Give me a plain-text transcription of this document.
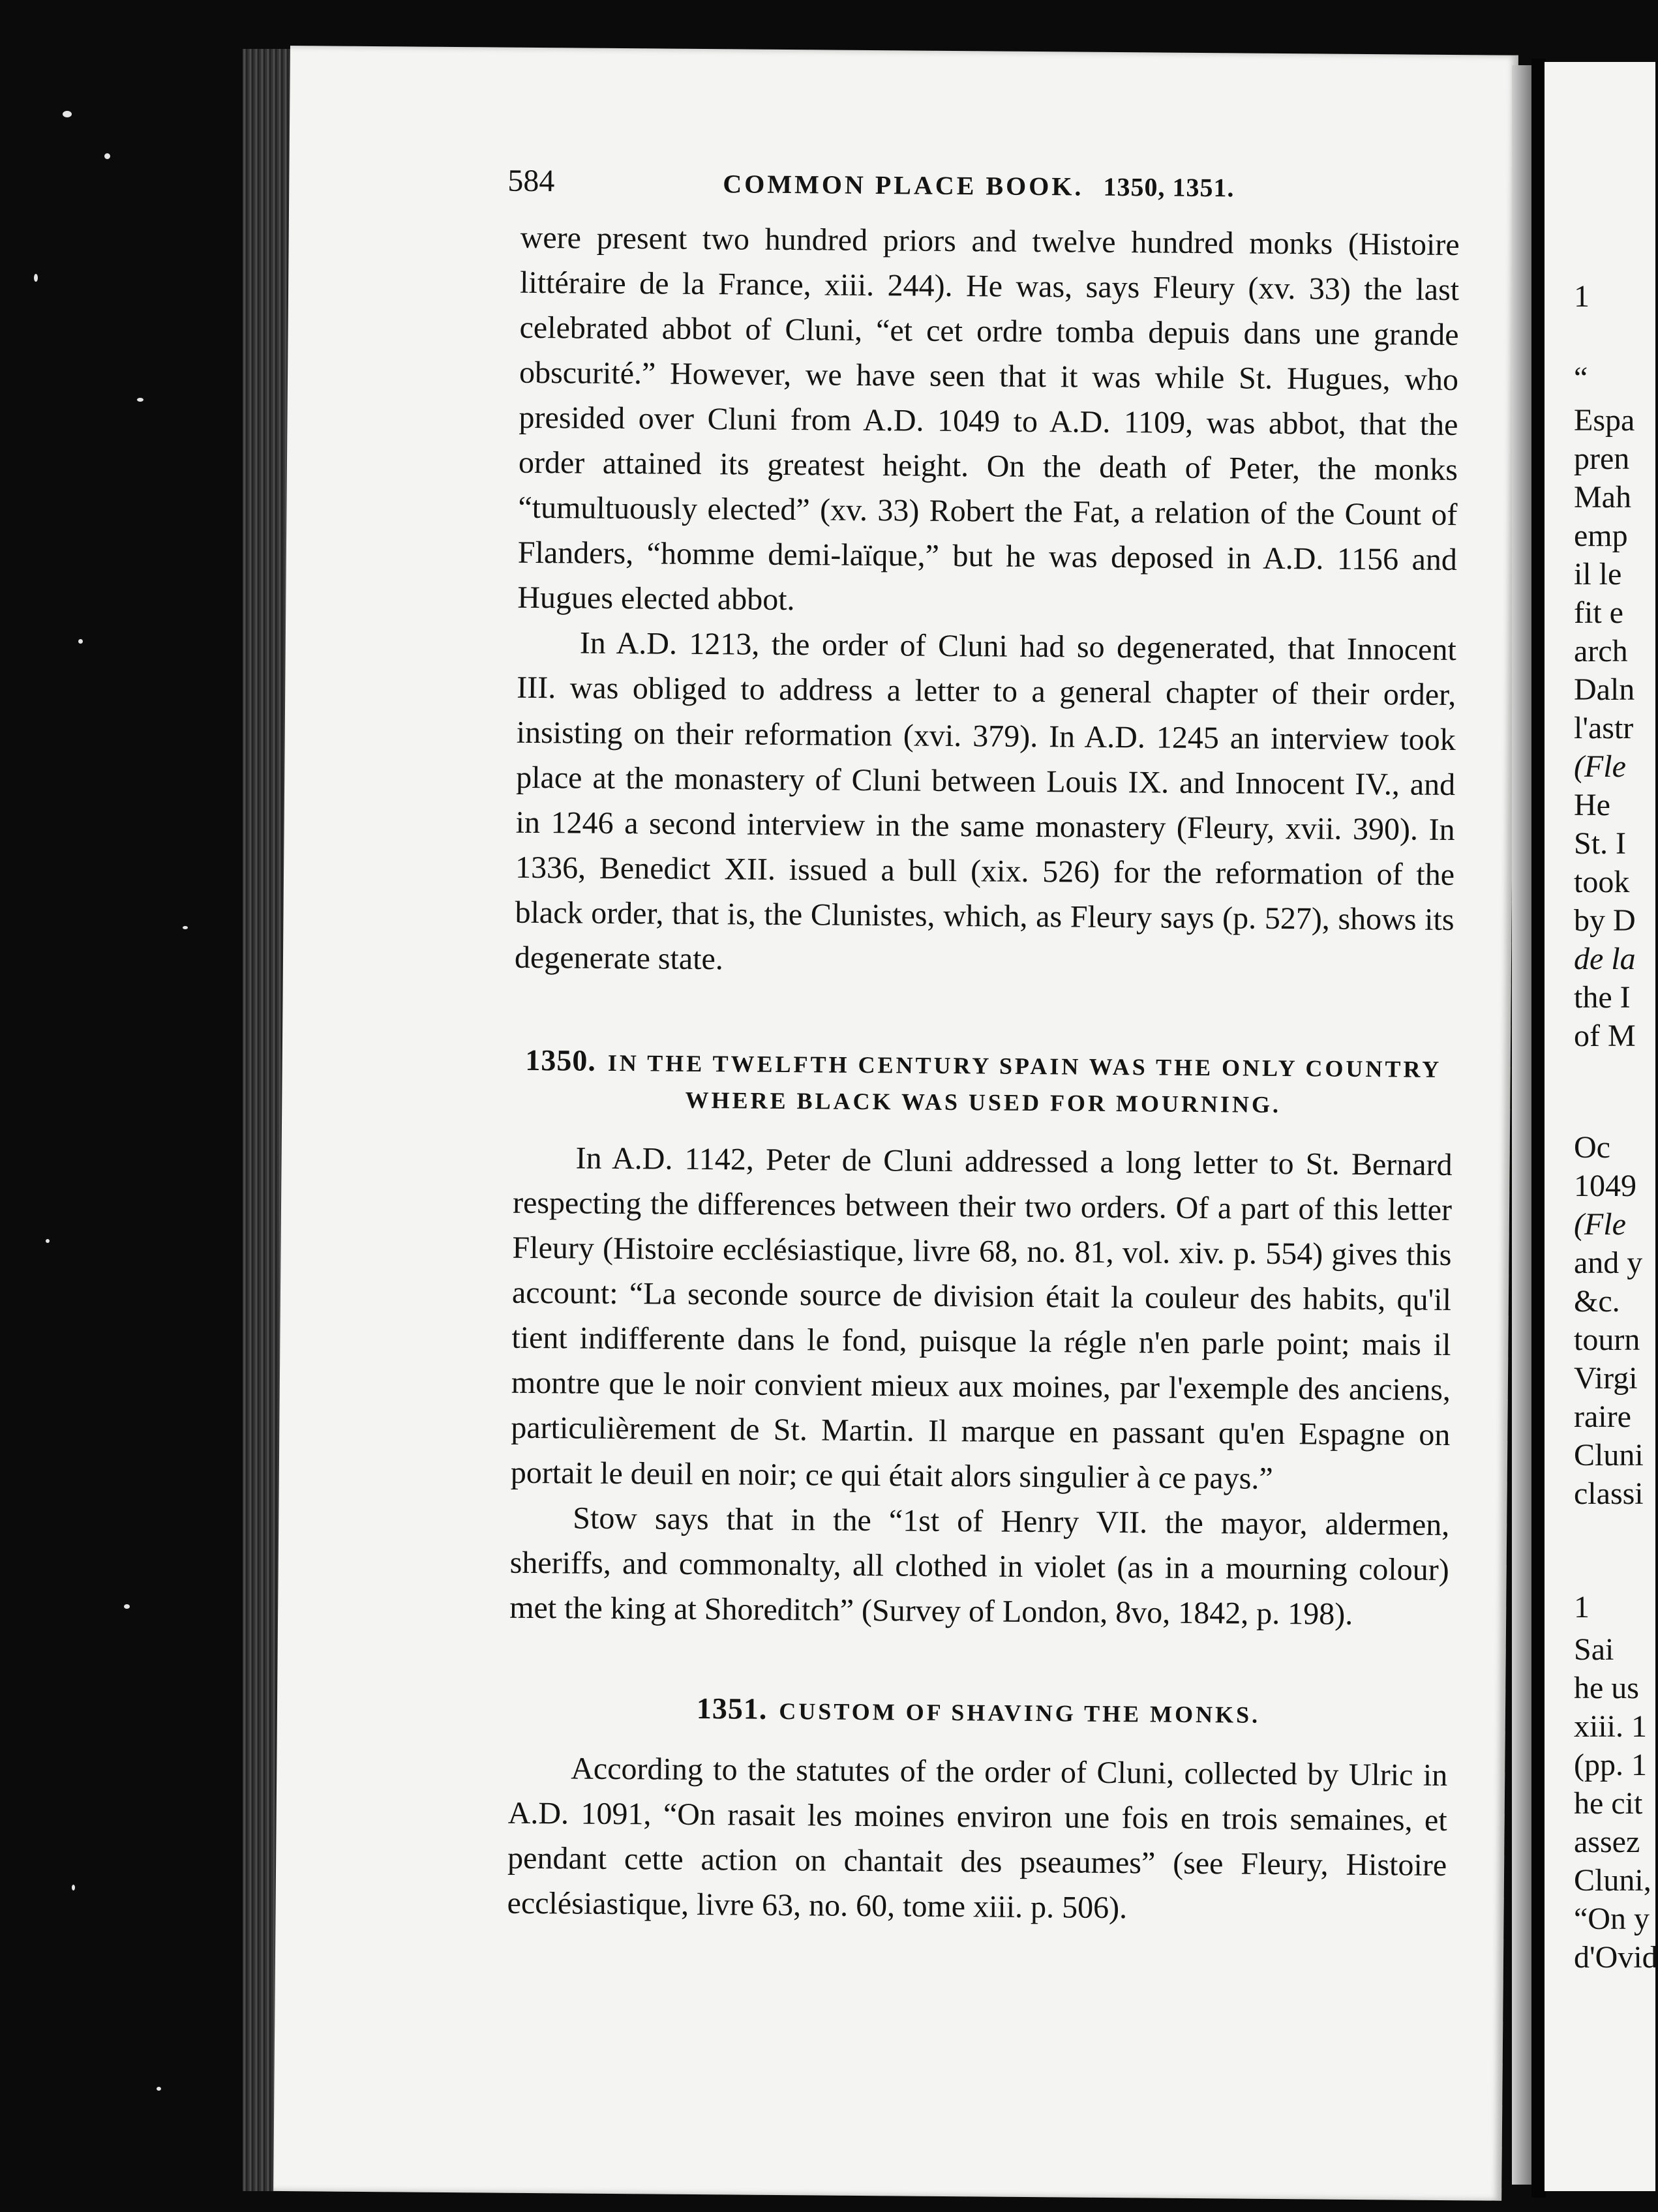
584	COMMON PLACE BOOK. 1350, 1351.

were present two hundred priors and twelve hundred monks (Histoire littéraire de la France, xiii. 244). He was, says Fleury (xv. 33) the last celebrated abbot of Cluni, “et cet ordre tomba depuis dans une grande obscurité.” However, we have seen that it was while St. Hugues, who presided over Cluni from A.D. 1049 to A.D. 1109, was abbot, that the order attained its greatest height. On the death of Peter, the monks “tumultuously elected” (xv. 33) Robert the Fat, a relation of the Count of Flanders, “homme demi-laïque,” but he was deposed in A.D. 1156 and Hugues elected abbot.

In A.D. 1213, the order of Cluni had so degenerated, that Innocent III. was obliged to address a letter to a general chapter of their order, insisting on their reformation (xvi. 379). In A.D. 1245 an interview took place at the monastery of Cluni between Louis IX. and Innocent IV., and in 1246 a second interview in the same monastery (Fleury, xvii. 390). In 1336, Benedict XII. issued a bull (xix. 526) for the reformation of the black order, that is, the Clunistes, which, as Fleury says (p. 527), shows its degenerate state.

1350. IN THE TWELFTH CENTURY SPAIN WAS THE ONLY COUNTRY
WHERE BLACK WAS USED FOR MOURNING.

In A.D. 1142, Peter de Cluni addressed a long letter to St. Bernard respecting the differences between their two orders. Of a part of this letter Fleury (Histoire ecclésiastique, livre 68, no. 81, vol. xiv. p. 554) gives this account: “La seconde source de division était la couleur des habits, qu'il tient indifferente dans le fond, puisque la régle n'en parle point; mais il montre que le noir convient mieux aux moines, par l'exemple des anciens, particulièrement de St. Martin. Il marque en passant qu'en Espagne on portait le deuil en noir; ce qui était alors singulier à ce pays.”

Stow says that in the “1st of Henry VII. the mayor, aldermen, sheriffs, and commonalty, all clothed in violet (as in a mourning colour) met the king at Shoreditch” (Survey of London, 8vo, 1842, p. 198).

1351. CUSTOM OF SHAVING THE MONKS.

According to the statutes of the order of Cluni, collected by Ulric in A.D. 1091, “On rasait les moines environ une fois en trois semaines, et pendant cette action on chantait des pseaumes” (see Fleury, Histoire ecclésiastique, livre 63, no. 60, tome xiii. p. 506).

1
“
Espa
pren
Mah
emp
il le
fit e
arch
Daln
l'astr
(Fle
He
St. I
took
by D
de la
the I
of M
Oc
1049
(Fle
and y
&c.
tourn
Virgi
raire
Cluni
classi
1
Sai
he us
xiii. 1
(pp. 1
he cit
assez
Cluni,
“On y
d'Ovid
